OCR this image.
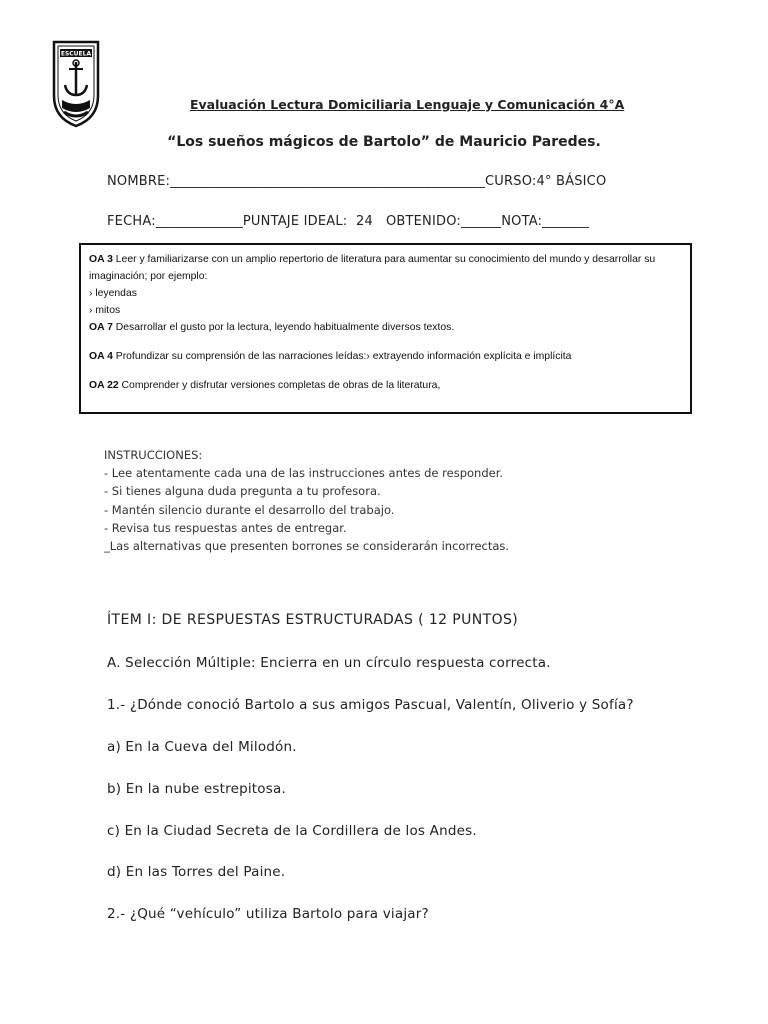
ESCUELA
Evaluación Lectura Domiciliaria Lenguaje y Comunicación 4°A
“Los sueños mágicos de Bartolo” de Mauricio Paredes.
NOMBRE:_______________________________________________CURSO:4° BÁSICO
FECHA:_____________PUNTAJE IDEAL:  24   OBTENIDO:______NOTA:_______

OA 3 Leer y familiarizarse con un amplio repertorio de literatura para aumentar su conocimiento del mundo y desarrollar su imaginación; por ejemplo:

› leyendas

› mitos

OA 7 Desarrollar el gusto por la lectura, leyendo habitualmente diversos textos.

OA 4 Profundizar su comprensión de las narraciones leídas:› extrayendo información explícita e implícita

OA 22 Comprender y disfrutar versiones completas de obras de la literatura,

INSTRUCCIONES:
- Lee atentamente cada una de las instrucciones antes de responder.
- Si tienes alguna duda pregunta a tu profesora.
- Mantén silencio durante el desarrollo del trabajo.
- Revisa tus respuestas antes de entregar.
_Las alternativas que presenten borrones se considerarán incorrectas.
ÍTEM I: DE RESPUESTAS ESTRUCTURADAS ( 12 PUNTOS)
A. Selección Múltiple: Encierra en un círculo respuesta correcta.
1.- ¿Dónde conoció Bartolo a sus amigos Pascual, Valentín, Oliverio y Sofía?
a) En la Cueva del Milodón.
b) En la nube estrepitosa.
c) En la Ciudad Secreta de la Cordillera de los Andes.
d) En las Torres del Paine.
2.- ¿Qué “vehículo” utiliza Bartolo para viajar?
